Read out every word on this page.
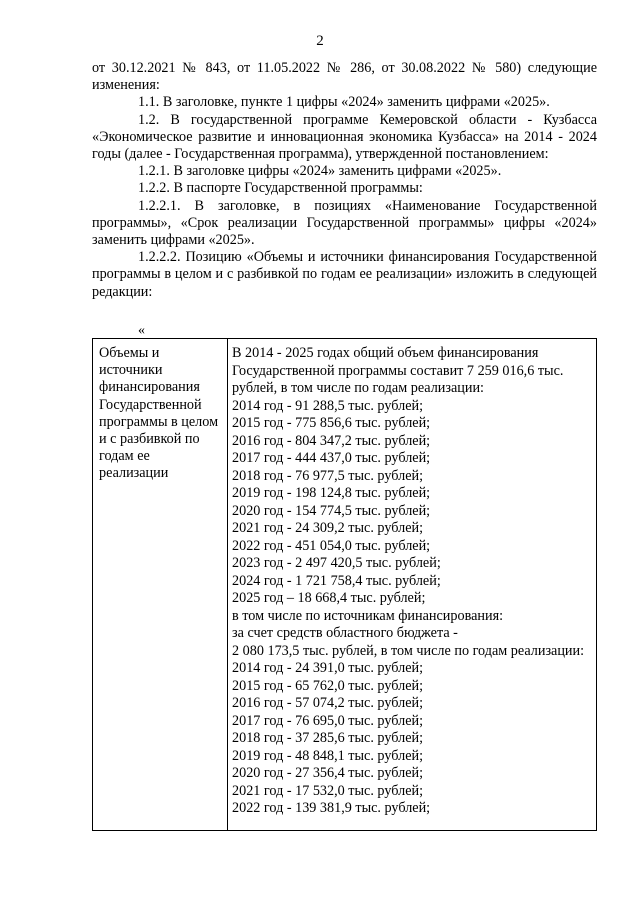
2

от 30.12.2021 № 843, от 11.05.2022 № 286, от 30.08.2022 № 580) следующие изменения:

1.1. В заголовке, пункте 1 цифры «2024» заменить цифрами «2025».

1.2. В государственной программе Кемеровской области - Кузбасса «Экономическое развитие и инновационная экономика Кузбасса» на 2014 - 2024 годы (далее - Государственная программа), утвержденной постановлением:

1.2.1. В заголовке цифры «2024» заменить цифрами «2025».

1.2.2. В паспорте Государственной программы:

1.2.2.1. В заголовке, в позициях «Наименование Государственной программы», «Срок реализации Государственной программы» цифры «2024» заменить цифрами «2025».

1.2.2.2. Позицию «Объемы и источники финансирования Государственной программы в целом и с разбивкой по годам ее реализации» изложить в следующей редакции:

«
Объемы и источники финансирования Государственной программы в целом и с разбивкой по годам ее реализации
В 2014 - 2025 годах общий объем финансирования Государственной программы составит 7 259 016,6 тыс. рублей, в том числе по годам реализации:
2014 год - 91 288,5 тыс. рублей;
2015 год - 775 856,6 тыс. рублей;
2016 год - 804 347,2 тыс. рублей;
2017 год - 444 437,0 тыс. рублей;
2018 год - 76 977,5 тыс. рублей;
2019 год - 198 124,8 тыс. рублей;
2020 год - 154 774,5 тыс. рублей;
2021 год - 24 309,2 тыс. рублей;
2022 год - 451 054,0 тыс. рублей;
2023 год - 2 497 420,5 тыс. рублей;
2024 год - 1 721 758,4 тыс. рублей;
2025 год – 18 668,4 тыс. рублей;
в том числе по источникам финансирования:
за счет средств областного бюджета -
2 080 173,5 тыс. рублей, в том числе по годам реализации:
2014 год - 24 391,0 тыс. рублей;
2015 год - 65 762,0 тыс. рублей;
2016 год - 57 074,2 тыс. рублей;
2017 год - 76 695,0 тыс. рублей;
2018 год - 37 285,6 тыс. рублей;
2019 год - 48 848,1 тыс. рублей;
2020 год - 27 356,4 тыс. рублей;
2021 год - 17 532,0 тыс. рублей;
2022 год - 139 381,9 тыс. рублей;
